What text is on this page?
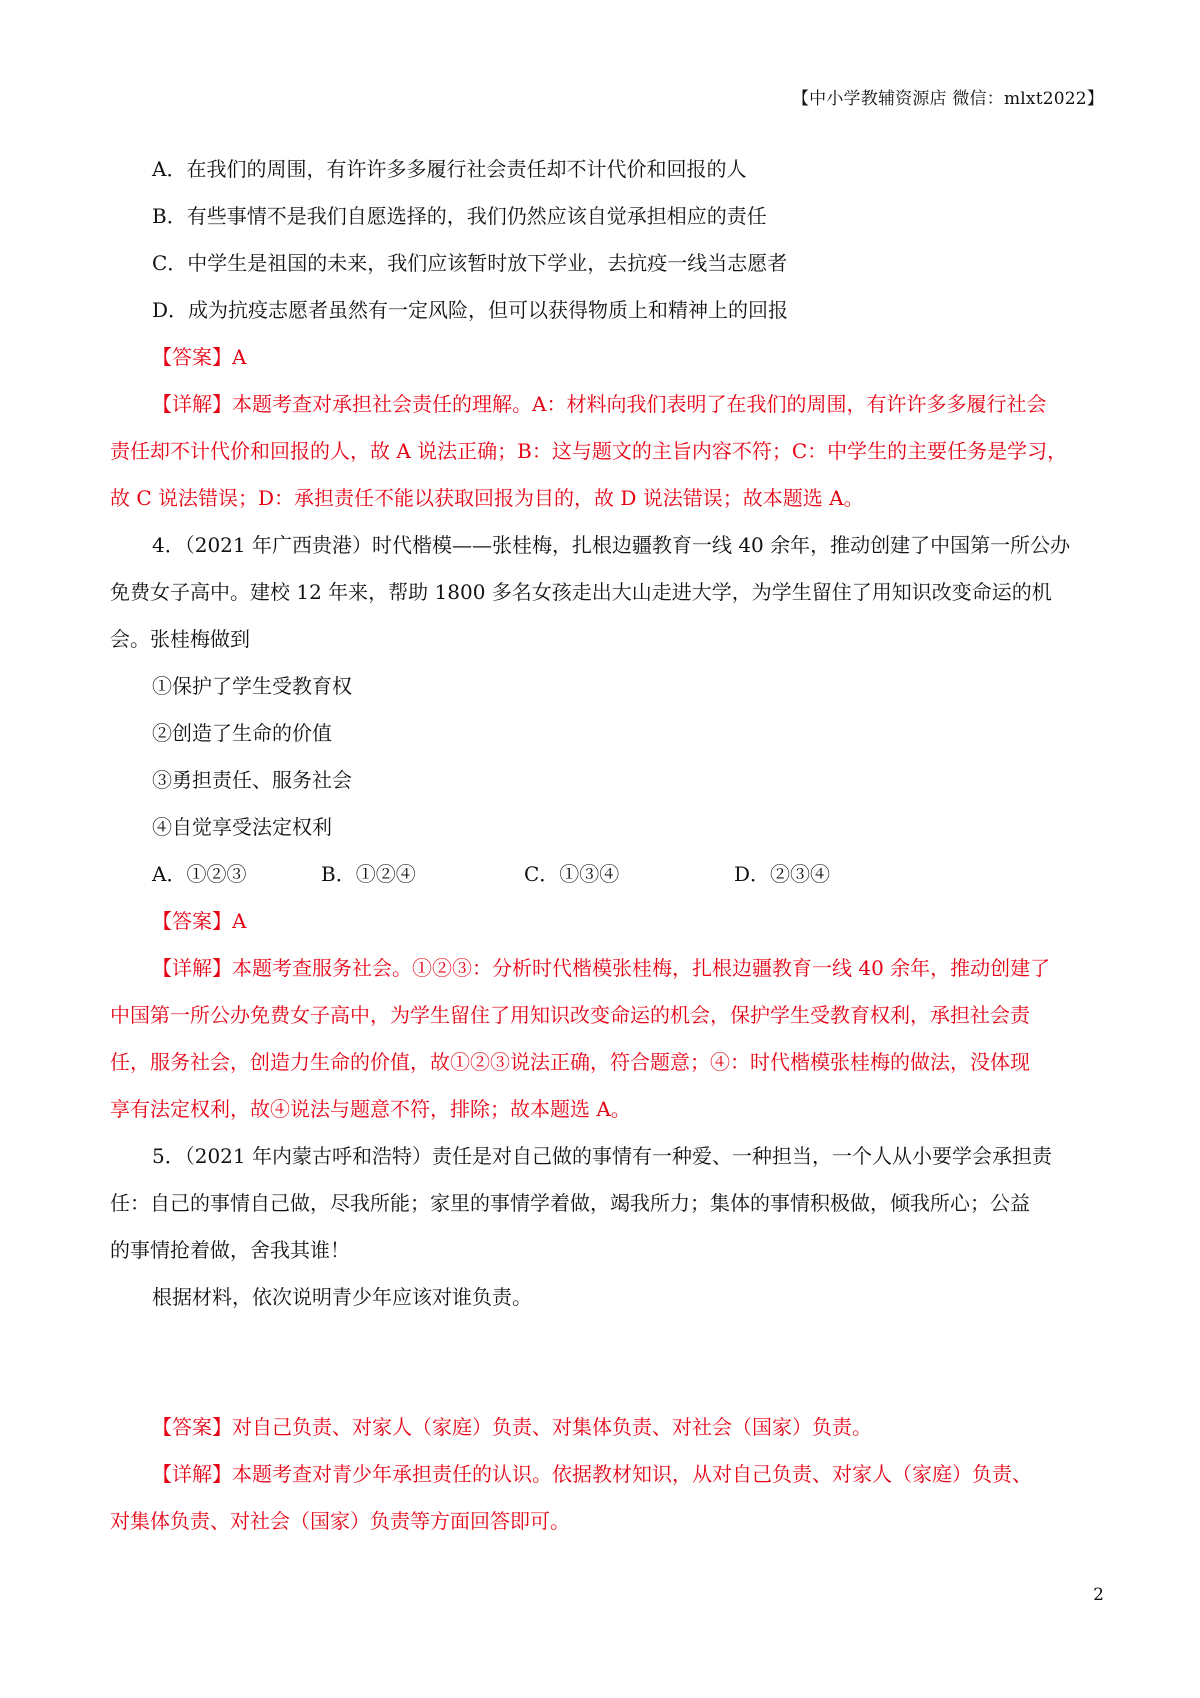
【中小学教辅资源店 微信：mlxt2022】

A．在我们的周围，有许许多多履行社会责任却不计代价和回报的人

B．有些事情不是我们自愿选择的，我们仍然应该自觉承担相应的责任

C．中学生是祖国的未来，我们应该暂时放下学业，去抗疫一线当志愿者

D．成为抗疫志愿者虽然有一定风险，但可以获得物质上和精神上的回报

【答案】A

【详解】本题考查对承担社会责任的理解。A：材料向我们表明了在我们的周围，有许许多多履行社会

责任却不计代价和回报的人，故 A 说法正确；B：这与题文的主旨内容不符；C：中学生的主要任务是学习，

故 C 说法错误；D：承担责任不能以获取回报为目的，故 D 说法错误；故本题选 A。

4．（2021 年广西贵港）时代楷模——张桂梅，扎根边疆教育一线 40 余年，推动创建了中国第一所公办

免费女子高中。建校 12 年来，帮助 1800 多名女孩走出大山走进大学，为学生留住了用知识改变命运的机

会。张桂梅做到

①保护了学生受教育权

②创造了生命的价值

③勇担责任、服务社会

④自觉享受法定权利

A．①②③	B．①②④	C．①③④	D．②③④

【答案】A

【详解】本题考查服务社会。①②③：分析时代楷模张桂梅，扎根边疆教育一线 40 余年，推动创建了

中国第一所公办免费女子高中，为学生留住了用知识改变命运的机会，保护学生受教育权利，承担社会责

任，服务社会，创造力生命的价值，故①②③说法正确，符合题意；④：时代楷模张桂梅的做法，没体现

享有法定权利，故④说法与题意不符，排除；故本题选 A。

5．（2021 年内蒙古呼和浩特）责任是对自己做的事情有一种爱、一种担当，一个人从小要学会承担责

任：自己的事情自己做，尽我所能；家里的事情学着做，竭我所力；集体的事情积极做，倾我所心；公益

的事情抢着做，舍我其谁！

根据材料，依次说明青少年应该对谁负责。

【答案】对自己负责、对家人（家庭）负责、对集体负责、对社会（国家）负责。

【详解】本题考查对青少年承担责任的认识。依据教材知识，从对自己负责、对家人（家庭）负责、

对集体负责、对社会（国家）负责等方面回答即可。

2
